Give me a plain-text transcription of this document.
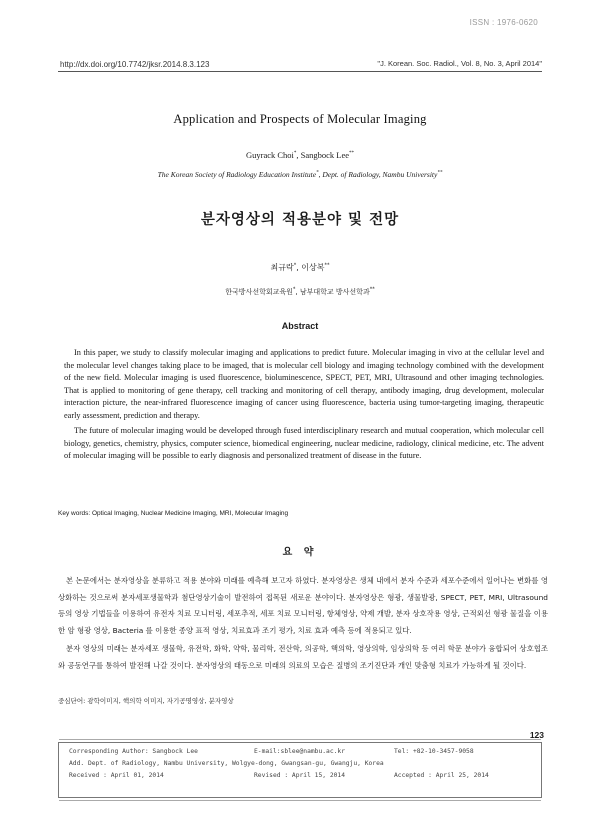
ISSN : 1976-0620
http://dx.doi.org/10.7742/jksr.2014.8.3.123	"J. Korean. Soc. Radiol., Vol. 8, No. 3, April 2014"
Application and Prospects of Molecular Imaging
Guyrack Choi*, Sangbock Lee**
The Korean Society of Radiology Education Institute*, Dept. of Radiology, Nambu University**
분자영상의 적용분야 및 전망
최규락*, 이상복**
한국방사선학회교육원*, 남부대학교 방사선학과**
Abstract

In this paper, we study to classify molecular imaging and applications to predict future. Molecular imaging in vivo at the cellular level and the molecular level changes taking place to be imaged, that is molecular cell biology and imaging technology combined with the development of the new field. Molecular imaging is used fluorescence, bioluminescence, SPECT, PET, MRI, Ultrasound and other imaging technologies. That is applied to monitoring of gene therapy, cell tracking and monitoring of cell therapy, antibody imaging, drug development, molecular interaction picture, the near-infrared fluorescence imaging of cancer using fluorescence, bacteria using tumor-targeting imaging, therapeutic early assessment, prediction and therapy.

The future of molecular imaging would be developed through fused interdisciplinary research and mutual cooperation, which molecular cell biology, genetics, chemistry, physics, computer science, biomedical engineering, nuclear medicine, radiology, clinical medicine, etc. The advent of molecular imaging will be possible to early diagnosis and personalized treatment of disease in the future.

Key words: Optical Imaging, Nuclear Medicine Imaging, MRI, Molecular Imaging
요 약

본 논문에서는 분자영상을 분류하고 적용 분야와 미래를 예측해 보고자 하였다. 분자영상은 생체 내에서 분자 수준과 세포수준에서 일어나는 변화를 영상화하는 것으로써 분자세포생물학과 첨단영상기술이 발전하여 접목된 새로운 분야이다. 분자영상은 형광, 생물발광, SPECT, PET, MRI, Ultrasound 등의 영상 기법들을 이용하여 유전자 치료 모니터링, 세포추적, 세포 치료 모니터링, 항체영상, 약제 개발, 분자 상호작용 영상, 근적외선 형광 물질을 이용한 암 형광 영상, Bacteria 를 이용한 종양 표적 영상, 치료효과 조기 평가, 치료 효과 예측 등에 적용되고 있다.

분자 영상의 미래는 분자세포 생물학, 유전학, 화학, 약학, 물리학, 전산학, 의공학, 핵의학, 영상의학, 임상의학 등 여러 학문 분야가 융합되어 상호협조와 공동연구를 통하여 발전해 나갈 것이다. 분자영상의 태동으로 미래의 의료의 모습은 질병의 조기진단과 개인 맞춤형 치료가 가능하게 될 것이다.

중심단어: 광학이미지, 핵의학 이미지, 자기공명영상, 분자영상
123
Corresponding Author: Sangbock Lee	E-mail:sblee@nambu.ac.kr	Tel: +82-10-3457-9058
Add. Dept. of Radiology, Nambu University, Wolgye-dong, Gwangsan-gu, Gwangju, Korea
Received : April 01, 2014	Revised : April 15, 2014	Accepted : April 25, 2014
